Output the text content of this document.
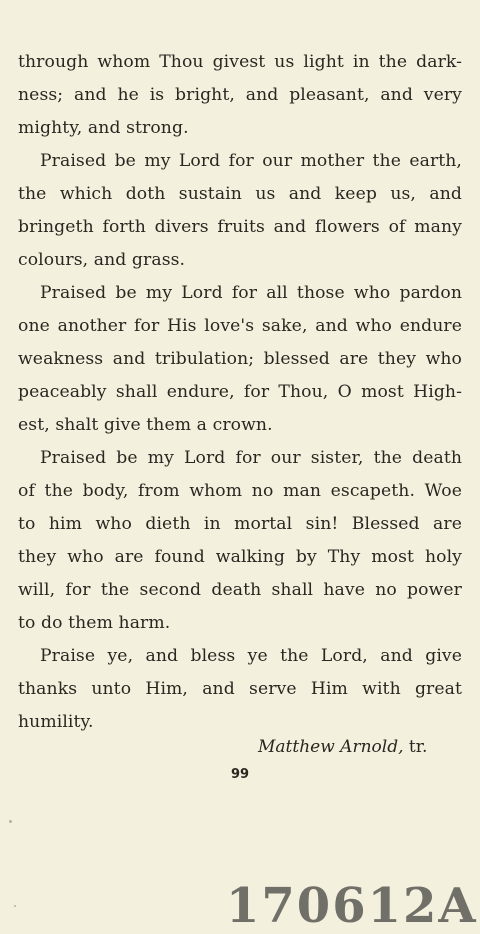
through whom Thou givest us light in the dark-
ness; and he is bright, and pleasant, and very
mighty, and strong.
Praised be my Lord for our mother the earth,
the which doth sustain us and keep us, and
bringeth forth divers fruits and flowers of many
colours, and grass.
Praised be my Lord for all those who pardon
one another for His love's sake, and who endure
weakness and tribulation; blessed are they who
peaceably shall endure, for Thou, O most High-
est, shalt give them a crown.
Praised be my Lord for our sister, the death
of the body, from whom no man escapeth. Woe
to him who dieth in mortal sin! Blessed are
they who are found walking by Thy most holy
will, for the second death shall have no power
to do them harm.
Praise ye, and bless ye the Lord, and give
thanks unto Him, and serve Him with great
humility.
Matthew Arnold, tr.
99
170612A
